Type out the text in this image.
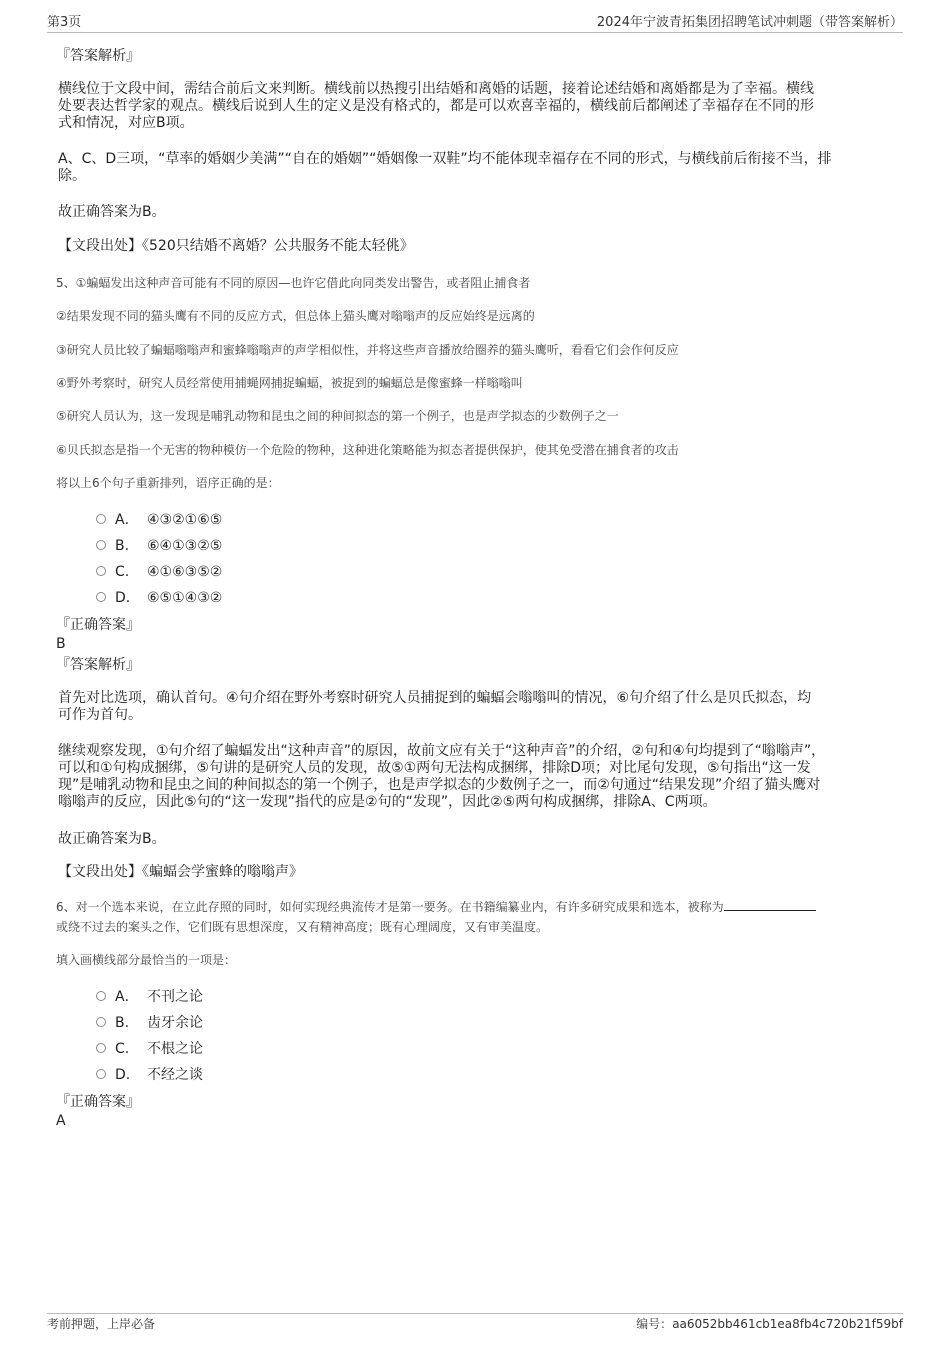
第3页	2024年宁波青拓集团招聘笔试冲刺题（带答案解析）
『答案解析』

横线位于文段中间，需结合前后文来判断。横线前以热搜引出结婚和离婚的话题，接着论述结婚和离婚都是为了幸福。横线

处要表达哲学家的观点。横线后说到人生的定义是没有格式的，都是可以欢喜幸福的，横线前后都阐述了幸福存在不同的形

式和情况，对应B项。

A、C、D三项，“草率的婚姻少美满”“自在的婚姻”“婚姻像一双鞋”均不能体现幸福存在不同的形式，与横线前后衔接不当，排

除。

故正确答案为B。
【文段出处】《520只结婚不离婚？公共服务不能太轻佻》
5、①蝙蝠发出这种声音可能有不同的原因—也许它借此向同类发出警告，或者阻止捕食者
②结果发现不同的猫头鹰有不同的反应方式，但总体上猫头鹰对嗡嗡声的反应始终是远离的
③研究人员比较了蝙蝠嗡嗡声和蜜蜂嗡嗡声的声学相似性，并将这些声音播放给圈养的猫头鹰听，看看它们会作何反应
④野外考察时，研究人员经常使用捕蝇网捕捉蝙蝠，被捉到的蝙蝠总是像蜜蜂一样嗡嗡叫
⑤研究人员认为，这一发现是哺乳动物和昆虫之间的种间拟态的第一个例子，也是声学拟态的少数例子之一
⑥贝氏拟态是指一个无害的物种模仿一个危险的物种，这种进化策略能为拟态者提供保护，使其免受潜在捕食者的攻击
将以上6个句子重新排列，语序正确的是：
A． ④③②①⑥⑤
B. ⑥④①③②⑤
C. ④①⑥③⑤②
D. ⑥⑤①④③②
『正确答案』
B
『答案解析』

首先对比选项，确认首句。④句介绍在野外考察时研究人员捕捉到的蝙蝠会嗡嗡叫的情况，⑥句介绍了什么是贝氏拟态，均

可作为首句。

继续观察发现，①句介绍了蝙蝠发出“这种声音”的原因，故前文应有关于“这种声音”的介绍，②句和④句均提到了“嗡嗡声”，

可以和①句构成捆绑，⑤句讲的是研究人员的发现，故⑤①两句无法构成捆绑，排除D项；对比尾句发现，⑤句指出“这一发

现”是哺乳动物和昆虫之间的种间拟态的第一个例子，也是声学拟态的少数例子之一，而②句通过“结果发现”介绍了猫头鹰对

嗡嗡声的反应，因此⑤句的“这一发现”指代的应是②句的“发现”，因此②⑤两句构成捆绑，排除A、C两项。

故正确答案为B。
【文段出处】《蝙蝠会学蜜蜂的嗡嗡声》
6、对一个选本来说，在立此存照的同时，如何实现经典流传才是第一要务。在书籍编纂业内，有许多研究成果和选本，被称为
或绕不过去的案头之作，它们既有思想深度，又有精神高度；既有心理阔度，又有审美温度。
填入画横线部分最恰当的一项是：
A． 不刊之论
B. 齿牙余论
C. 不根之论
D. 不经之谈
『正确答案』
A
考前押题，上岸必备	编号：aa6052bb461cb1ea8fb4c720b21f59bf
